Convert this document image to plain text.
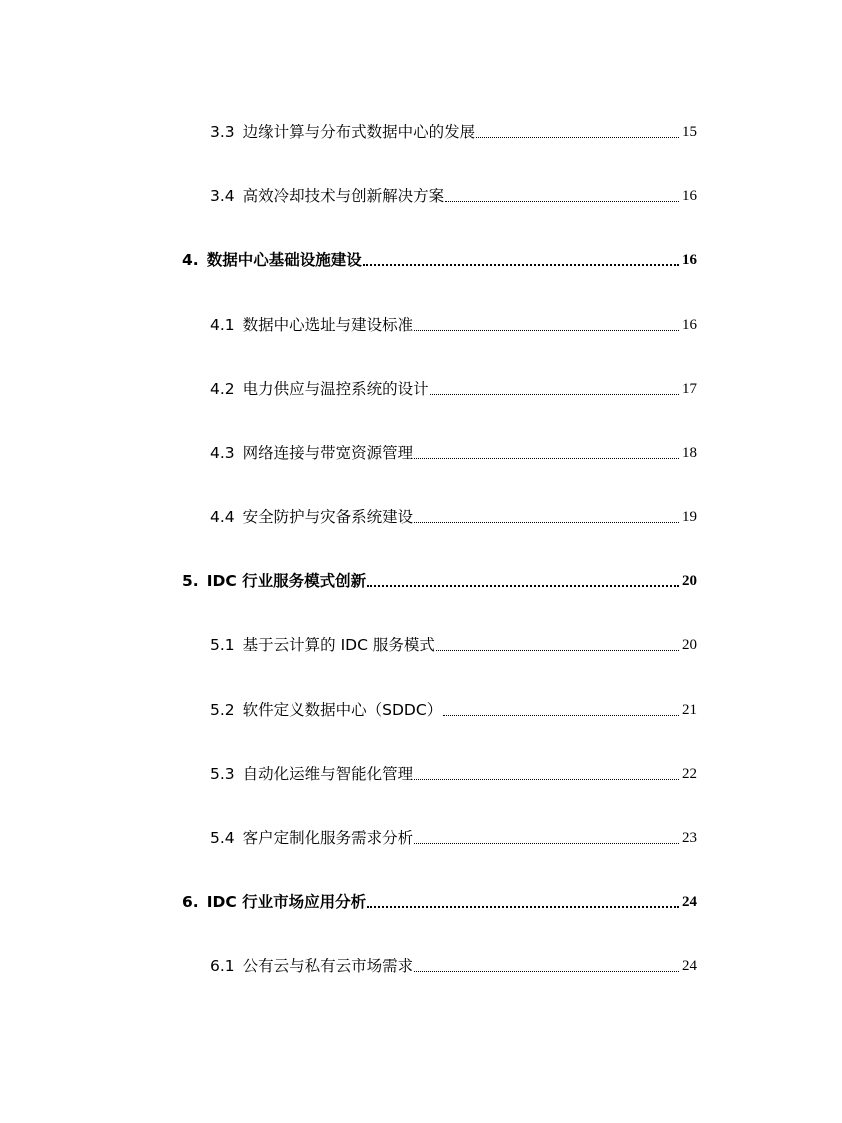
3.3 边缘计算与分布式数据中心的发展	15
3.4 高效冷却技术与创新解决方案	16
4. 数据中心基础设施建设	16
4.1 数据中心选址与建设标准	16
4.2 电力供应与温控系统的设计	17
4.3 网络连接与带宽资源管理	18
4.4 安全防护与灾备系统建设	19
5. IDC 行业服务模式创新	20
5.1 基于云计算的 IDC 服务模式	20
5.2 软件定义数据中心（SDDC）	21
5.3 自动化运维与智能化管理	22
5.4 客户定制化服务需求分析	23
6. IDC 行业市场应用分析	24
6.1 公有云与私有云市场需求	24
